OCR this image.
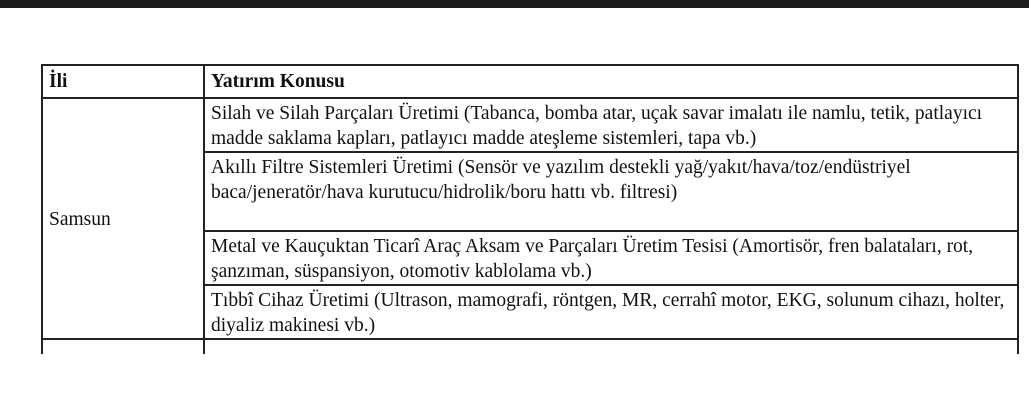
İli	Yatırım Konusu
Samsun	Silah ve Silah Parçaları Üretimi (Tabanca, bomba atar, uçak savar imalatı ile namlu, tetik, patlayıcı madde saklama kapları, patlayıcı madde ateşleme sistemleri, tapa vb.)
	Akıllı Filtre Sistemleri Üretimi (Sensör ve yazılım destekli yağ/yakıt/hava/toz/endüstriyel baca/jeneratör/hava kurutucu/hidrolik/boru hattı vb. filtresi)
	Metal ve Kauçuktan Ticarî Araç Aksam ve Parçaları Üretim Tesisi (Amortisör, fren balataları, rot, şanzıman, süspansiyon, otomotiv kablolama vb.)
	Tıbbî Cihaz Üretimi (Ultrason, mamografi, röntgen, MR, cerrahî motor, EKG, solunum cihazı, holter, diyaliz makinesi vb.)
